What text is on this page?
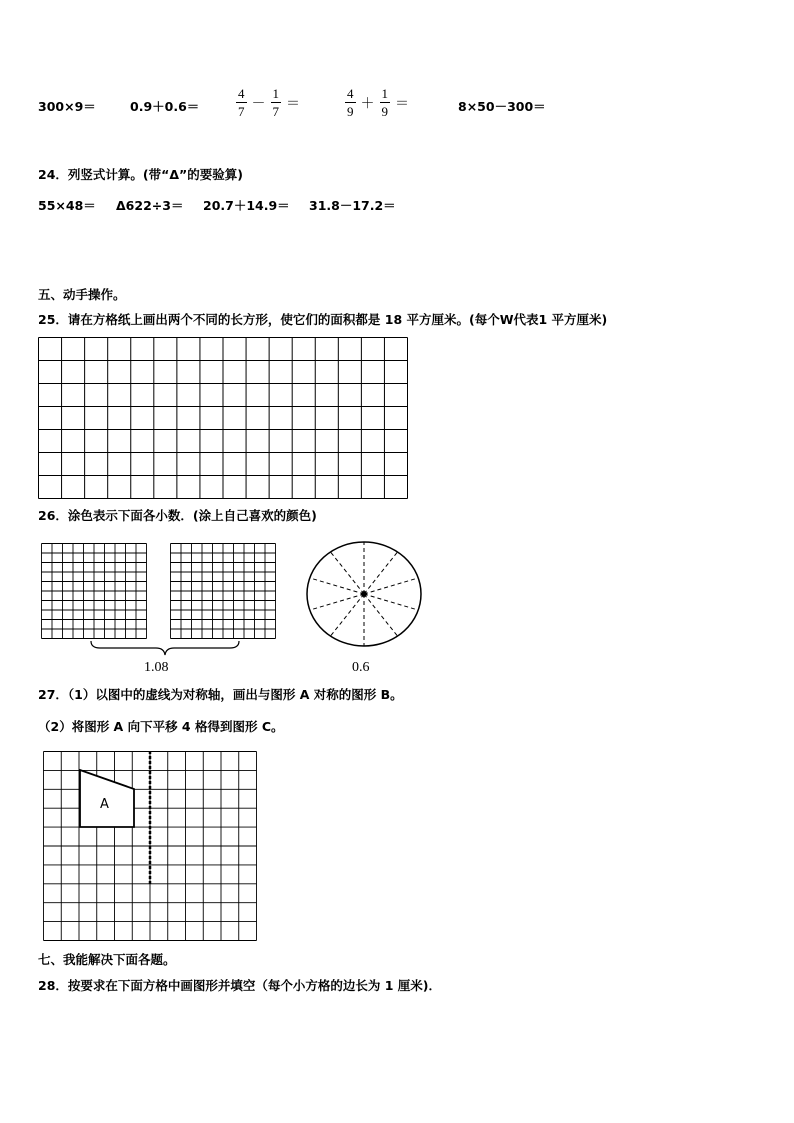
300×9＝	0.9＋0.6＝	$\frac{4}{7} - \frac{1}{7}$ ＝	$\frac{4}{9} + \frac{1}{9}$ ＝	8×50－300＝
24．列竖式计算。(带“Δ”的要验算)
55×48＝ Δ622÷3＝ 20.7＋14.9＝ 31.8－17.2＝
五、动手操作。
25．请在方格纸上画出两个不同的长方形，使它们的面积都是 18 平方厘米。(每个W代表1 平方厘米)
26．涂色表示下面各小数．(涂上自己喜欢的颜色)
1.08	0.6
27．（1）以图中的虚线为对称轴，画出与图形 A 对称的图形 B。
（2）将图形 A 向下平移 4 格得到图形 C。
A
七、我能解决下面各题。
28．按要求在下面方格中画图形并填空（每个小方格的边长为 1 厘米)．
